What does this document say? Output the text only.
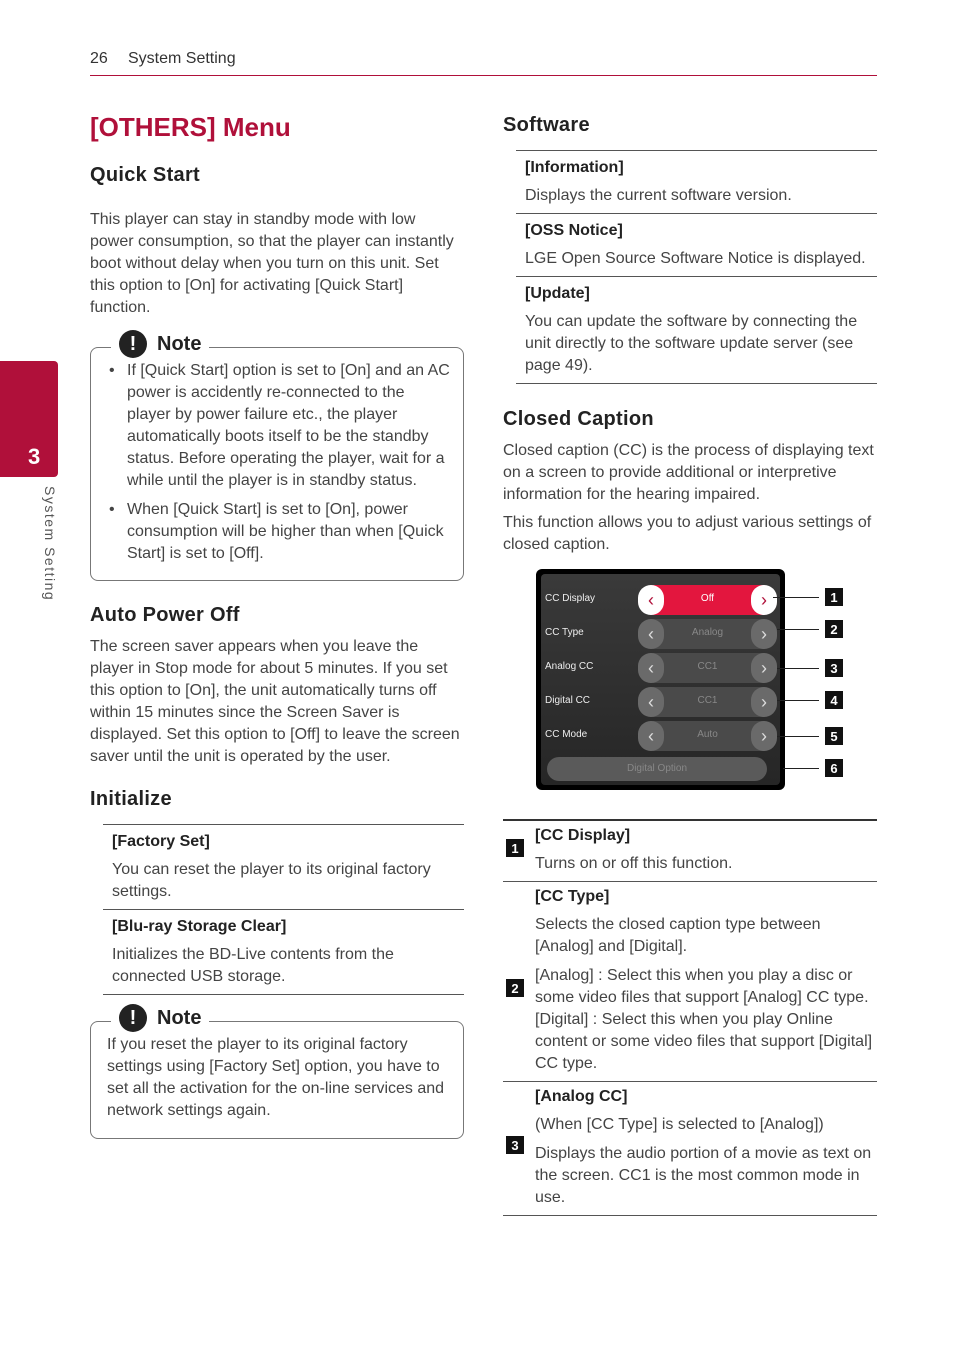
26 System Setting
3
System Setting
[OTHERS] Menu
Quick Start

This player can stay in standby mode with low power consumption, so that the player can instantly boot without delay when you turn on this unit. Set this option to [On] for activating [Quick Start] function.

!	Note
• If [Quick Start] option is set to [On] and an AC power is accidently re-connected to the player by power failure etc., the player automatically boots itself to be the standby status. Before operating the player, wait for a while until the player is in standby status.
• When [Quick Start] is set to [On], power consumption will be higher than when [Quick Start] is set to [Off].
Auto Power Off

The screen saver appears when you leave the player in Stop mode for about 5 minutes. If you set this option to [On], the unit automatically turns off within 15 minutes since the Screen Saver is displayed. Set this option to [Off] to leave the screen saver until the unit is operated by the user.

Initialize
[Factory Set]
You can reset the player to its original factory settings.
[Blu-ray Storage Clear]
Initializes the BD-Live contents from the connected USB storage.
!	Note

If you reset the player to its original factory settings using [Factory Set] option, you have to set all the activation for the on-line services and network settings again.

Software
[Information]
Displays the current software version.
[OSS Notice]
LGE Open Source Software Notice is displayed.
[Update]
You can update the software by connecting the unit directly to the software update server (see page 49).
Closed Caption

Closed caption (CC) is the process of displaying text on a screen to provide additional or interpretive information for the hearing impaired.

This function allows you to adjust various settings of closed caption.

CC Display	‹	Off	›
CC Type	‹	Analog	›
Analog CC	‹	CC1	›
Digital CC	‹	CC1	›
CC Mode	‹	Auto	›
Digital Option
1
2
3
4
5
6
1
[CC Display]
Turns on or off this function.
2
[CC Type]
Selects the closed caption type between [Analog] and [Digital].
[Analog] : Select this when you play a disc or some video files that support [Analog] CC type.
[Digital] : Select this when you play Online content or some video files that support [Digital] CC type.
3
[Analog CC]
(When [CC Type] is selected to [Analog])
Displays the audio portion of a movie as text on the screen. CC1 is the most common mode in use.
